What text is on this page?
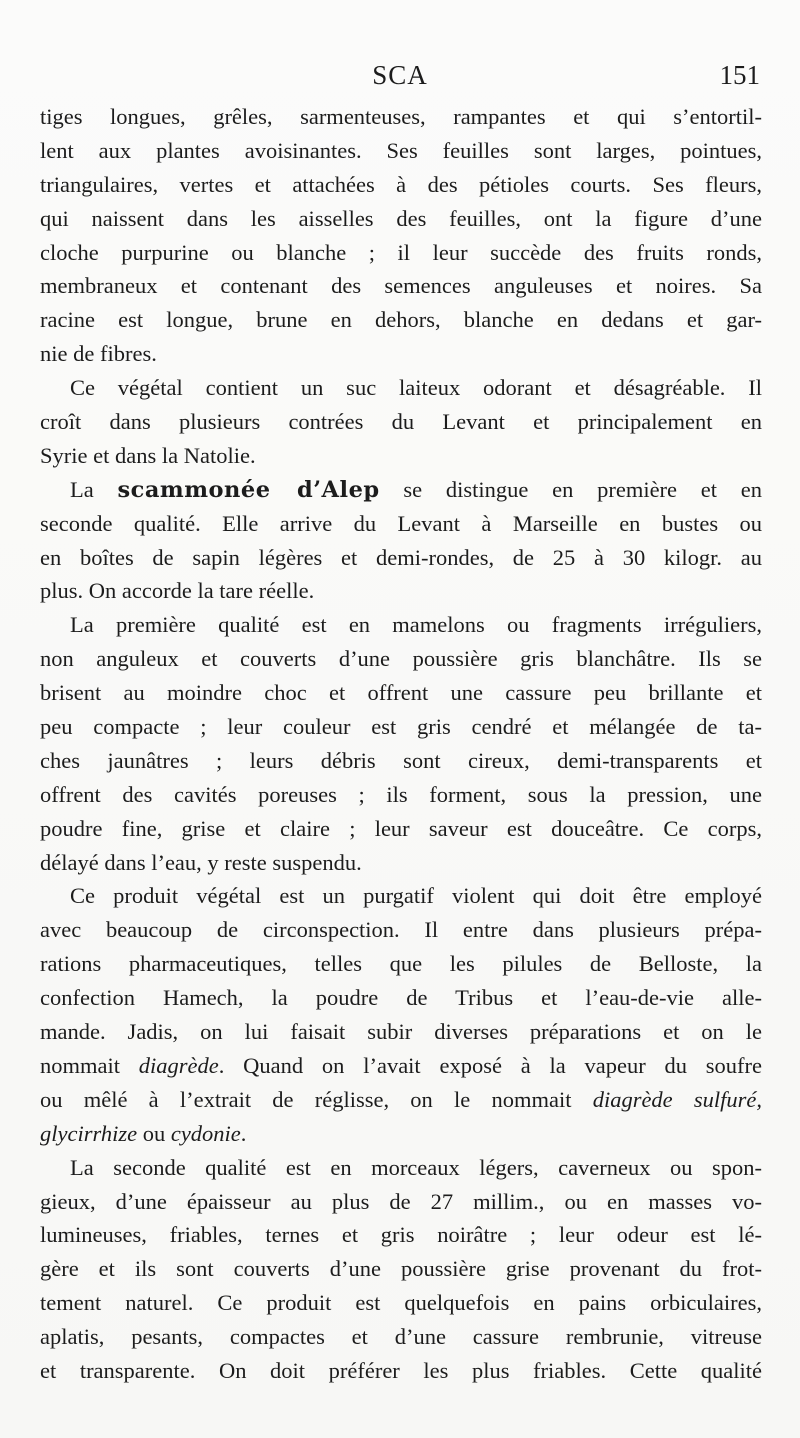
SCA	151
tiges longues, grêles, sarmenteuses, rampantes et qui s’entortil-
lent aux plantes avoisinantes. Ses feuilles sont larges, pointues,
triangulaires, vertes et attachées à des pétioles courts. Ses fleurs,
qui naissent dans les aisselles des feuilles, ont la figure d’une
cloche purpurine ou blanche ; il leur succède des fruits ronds,
membraneux et contenant des semences anguleuses et noires. Sa
racine est longue, brune en dehors, blanche en dedans et gar-
nie de fibres.
Ce végétal contient un suc laiteux odorant et désagréable. Il
croît dans plusieurs contrées du Levant et principalement en
Syrie et dans la Natolie.
La scammonée d’Alep se distingue en première et en
seconde qualité. Elle arrive du Levant à Marseille en bustes ou
en boîtes de sapin légères et demi-rondes, de 25 à 30 kilogr. au
plus. On accorde la tare réelle.
La première qualité est en mamelons ou fragments irréguliers,
non anguleux et couverts d’une poussière gris blanchâtre. Ils se
brisent au moindre choc et offrent une cassure peu brillante et
peu compacte ; leur couleur est gris cendré et mélangée de ta-
ches jaunâtres ; leurs débris sont cireux, demi-transparents et
offrent des cavités poreuses ; ils forment, sous la pression, une
poudre fine, grise et claire ; leur saveur est douceâtre. Ce corps,
délayé dans l’eau, y reste suspendu.
Ce produit végétal est un purgatif violent qui doit être employé
avec beaucoup de circonspection. Il entre dans plusieurs prépa-
rations pharmaceutiques, telles que les pilules de Belloste, la
confection Hamech, la poudre de Tribus et l’eau-de-vie alle-
mande. Jadis, on lui faisait subir diverses préparations et on le
nommait diagrède. Quand on l’avait exposé à la vapeur du soufre
ou mêlé à l’extrait de réglisse, on le nommait diagrède sulfuré,
glycirrhize ou cydonie.
La seconde qualité est en morceaux légers, caverneux ou spon-
gieux, d’une épaisseur au plus de 27 millim., ou en masses vo-
lumineuses, friables, ternes et gris noirâtre ; leur odeur est lé-
gère et ils sont couverts d’une poussière grise provenant du frot-
tement naturel. Ce produit est quelquefois en pains orbiculaires,
aplatis, pesants, compactes et d’une cassure rembrunie, vitreuse
et transparente. On doit préférer les plus friables. Cette qualité
